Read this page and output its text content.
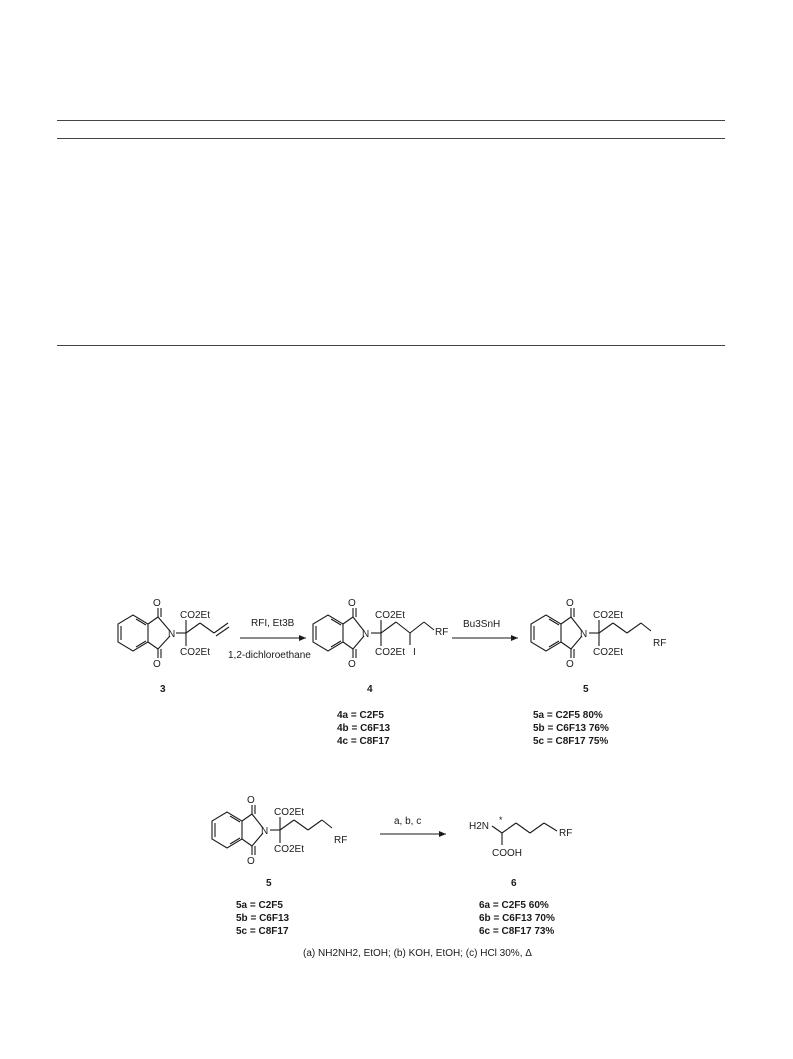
O
O
N
CO2Et
CO2Et
3
RFI, Et3B
1,2-dichloroethane
O
O
N
CO2Et
CO2Et I
RF
4
4a = C2F5
4b = C6F13
4c = C8F17
Bu3SnH
O
O
N
CO2Et
CO2Et
RF
5
5a = C2F5 80%
5b = C6F13 76%
5c = C8F17 75%
O
O
N
CO2Et
CO2Et
RF
5
5a = C2F5
5b = C6F13
5c = C8F17
a, b, c	H2N
*
COOH
RF
6
6a = C2F5 60%
6b = C6F13 70%
6c = C8F17 73%
(a) NH2NH2, EtOH; (b) KOH, EtOH; (c) HCl 30%, Δ
